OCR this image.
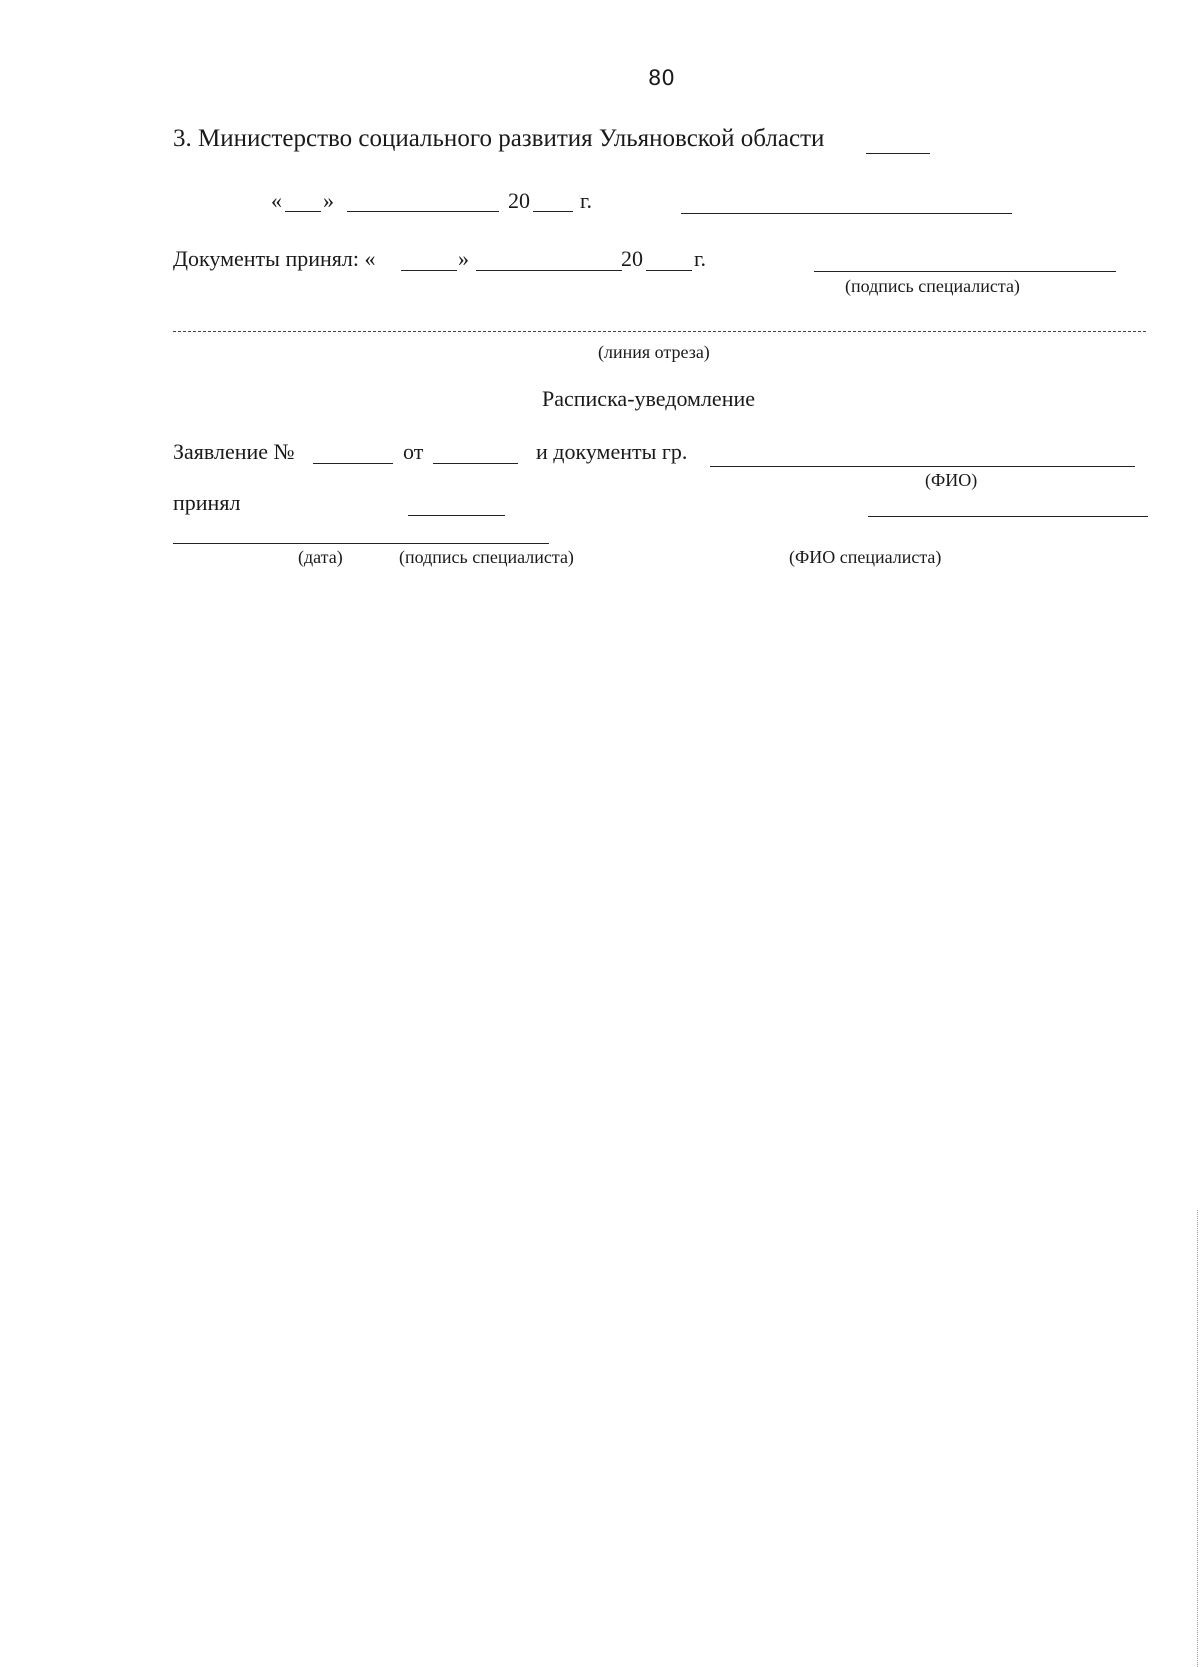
80
3. Министерство социального развития Ульяновской области
« »	20 г.
Документы принял: «	»	20 г.
(подпись специалиста)
(линия отреза)
Расписка-уведомление
Заявление №	от	и документы гр.
(ФИО)
принял
(дата)	(подпись специалиста)	(ФИО специалиста)
